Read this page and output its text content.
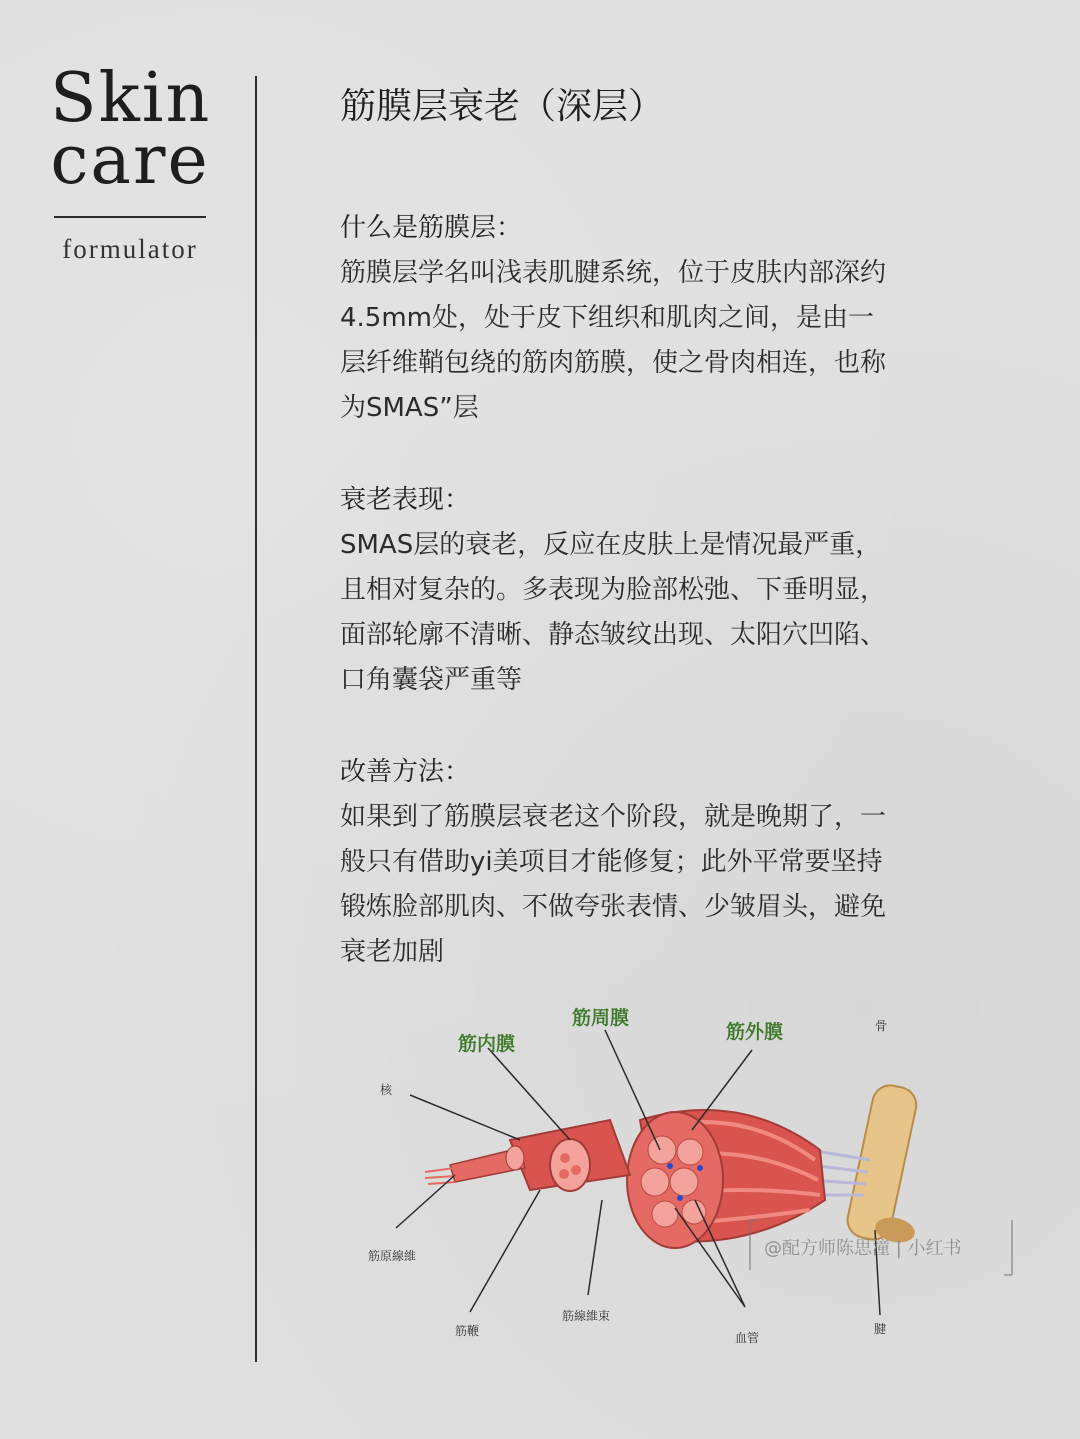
Skin
care
formulator
筋膜层衰老（深层）
什么是筋膜层：
筋膜层学名叫浅表肌腱系统，位于皮肤内部深约
4.5mm处，处于皮下组织和肌肉之间，是由一
层纤维鞘包绕的筋肉筋膜，使之骨肉相连，也称
为SMAS”层
衰老表现：
SMAS层的衰老，反应在皮肤上是情况最严重，
且相对复杂的。多表现为脸部松弛、下垂明显，
面部轮廓不清晰、静态皱纹出现、太阳穴凹陷、
口角囊袋严重等
改善方法：
如果到了筋膜层衰老这个阶段，就是晚期了，一
般只有借助yi美项目才能修复；此外平常要坚持
锻炼脸部肌肉、不做夸张表情、少皱眉头，避免
衰老加剧
筋内膜
筋周膜
筋外膜	骨
核
筋原線維
筋鞭
筋線維束
血管
腱
@配方师陈思潼 | 小红书
